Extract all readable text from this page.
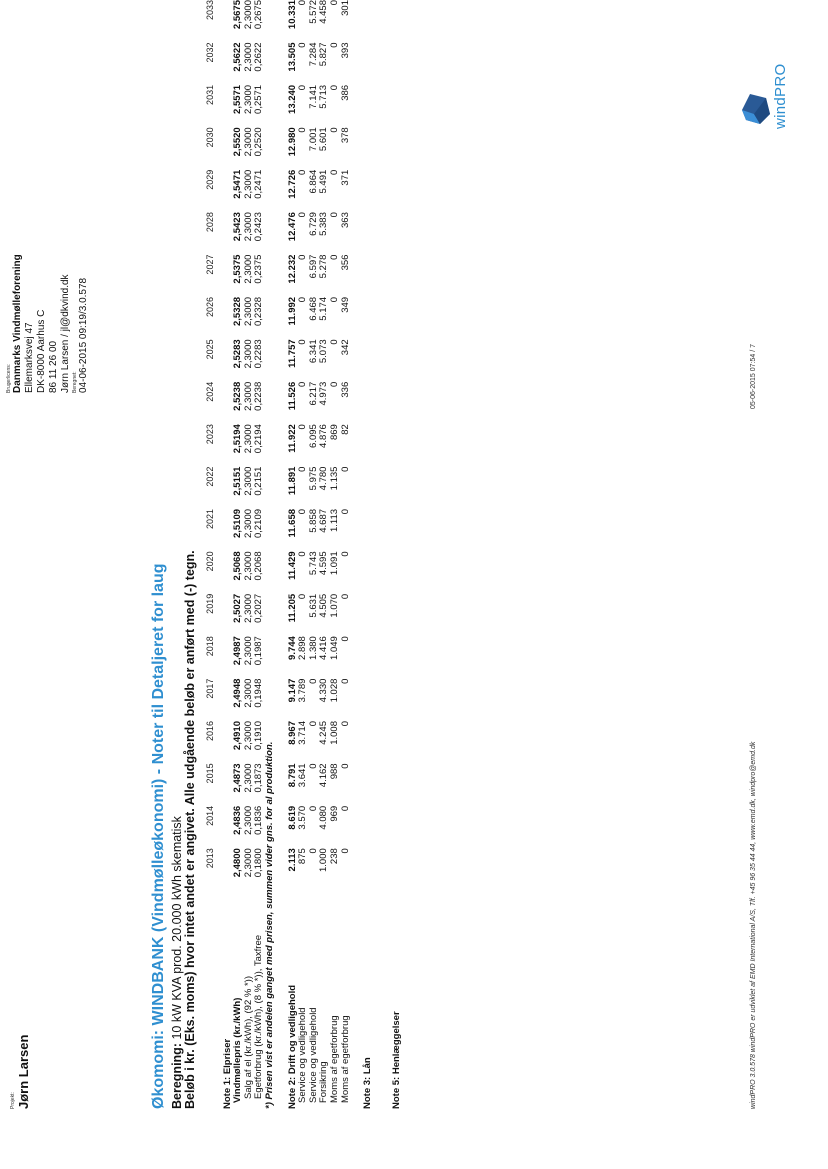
Projekt: Jørn Larsen
Brugerlicens: Danmarks Vindmølleforening Ellemarksvej 47 DK-8000 Aarhus C 86 11 26 00 Jørn Larsen / jl@dkvind.dk Beregnet: 04-06-2015 09:19/3.0.578
Økomomi: WINDBANK (Vindmølleøkonomi) - Noter til Detaljeret for laug Beregning: 10 kW KVA prod. 20.000 kWh skematisk Beløb i kr. (Eks. moms) hvor intet andet er angivet. Alle udgående beløb er anført med (-) tegn.
	2013	2014	2015	2016	2017	2018	2019	2020	2021	2022	2023	2024	2025	2026	2027	2028	2029	2030	2031	2032	2033
Note 1: Elpriser																					
Vindmøllepris (kr./kWh)	2,4800	2,4836	2,4873	2,4910	2,4948	2,4987	2,5027	2,5068	2,5109	2,5151	2,5194	2,5238	2,5283	2,5328	2,5375	2,5423	2,5471	2,5520	2,5571	2,5622	2,5675
Salg af el (kr./kWh), (92 % *))	2,3000	2,3000	2,3000	2,3000	2,3000	2,3000	2,3000	2,3000	2,3000	2,3000	2,3000	2,3000	2,3000	2,3000	2,3000	2,3000	2,3000	2,3000	2,3000	2,3000	2,3000
Egetforbrug (kr./kWh), (8 % *)), Taxfree	0,1800	0,1836	0,1873	0,1910	0,1948	0,1987	0,2027	0,2068	0,2109	0,2151	0,2194	0,2238	0,2283	0,2328	0,2375	0,2423	0,2471	0,2520	0,2571	0,2622	0,2675
*) Prisen vist er andelen ganget med prisen, summen vider gns. for al produktion.																					

Note 2: Drift og vedligehold	2.113	8.619	8.791	8.967	9.147	9.744	11.205	11.429	11.658	11.891	11.922	11.526	11.757	11.992	12.232	12.476	12.726	12.980	13.240	13.505	10.331
Service og vedligehold	875	3.570	3.641	3.714	3.789	2.898	0	0	0	0	0	0	0	0	0	0	0	0	0	0	0
Service og vedligehold	0	0	0	0	0	1.380	5.631	5.743	5.858	5.975	6.095	6.217	6.341	6.468	6.597	6.729	6.864	7.001	7.141	7.284	5.572
Forsikring	1.000	4.080	4.162	4.245	4.330	4.416	4.505	4.595	4.687	4.780	4.876	4.973	5.073	5.174	5.278	5.383	5.491	5.601	5.713	5.827	4.458
Moms af egetforbrug	238	969	988	1.008	1.028	1.049	1.070	1.091	1.113	1.135	869	0	0	0	0	0	0	0	0	0	0
Moms af egetforbrug	0	0	0	0	0	0	0	0	0	0	82	336	342	349	356	363	371	378	386	393	301

Note 3: Lån																					

Note 5: Henlæggelser																						windPRO 3.0.578 windPRO er udviklet af EMD International A/S, Tlf. +45 96 35 44 44, www.emd.dk, windpro@emd.dk
05-06-2015 07:54 / 7
windPRO
